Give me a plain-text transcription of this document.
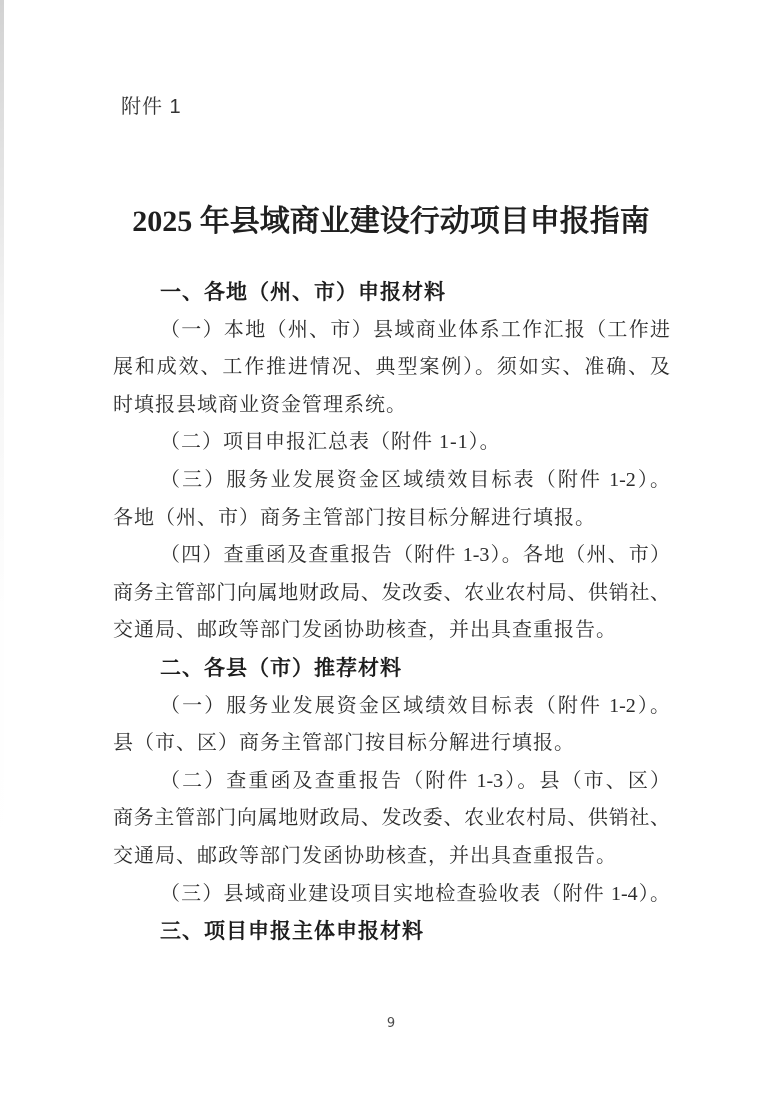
附件 1
2025 年县域商业建设行动项目申报指南
一、各地（州、市）申报材料
（一）本地（州、市）县域商业体系工作汇报（工作进
展和成效、工作推进情况、典型案例）。须如实、准确、及
时填报县域商业资金管理系统。
（二）项目申报汇总表（附件 1-1）。
（三）服务业发展资金区域绩效目标表（附件 1-2）。
各地（州、市）商务主管部门按目标分解进行填报。
（四）查重函及查重报告（附件 1-3）。各地（州、市）
商务主管部门向属地财政局、发改委、农业农村局、供销社、
交通局、邮政等部门发函协助核查，并出具查重报告。
二、各县（市）推荐材料
（一）服务业发展资金区域绩效目标表（附件 1-2）。
县（市、区）商务主管部门按目标分解进行填报。
（二）查重函及查重报告（附件 1-3）。县（市、区）
商务主管部门向属地财政局、发改委、农业农村局、供销社、
交通局、邮政等部门发函协助核查，并出具查重报告。
（三）县域商业建设项目实地检查验收表（附件 1-4）。
三、项目申报主体申报材料
9
